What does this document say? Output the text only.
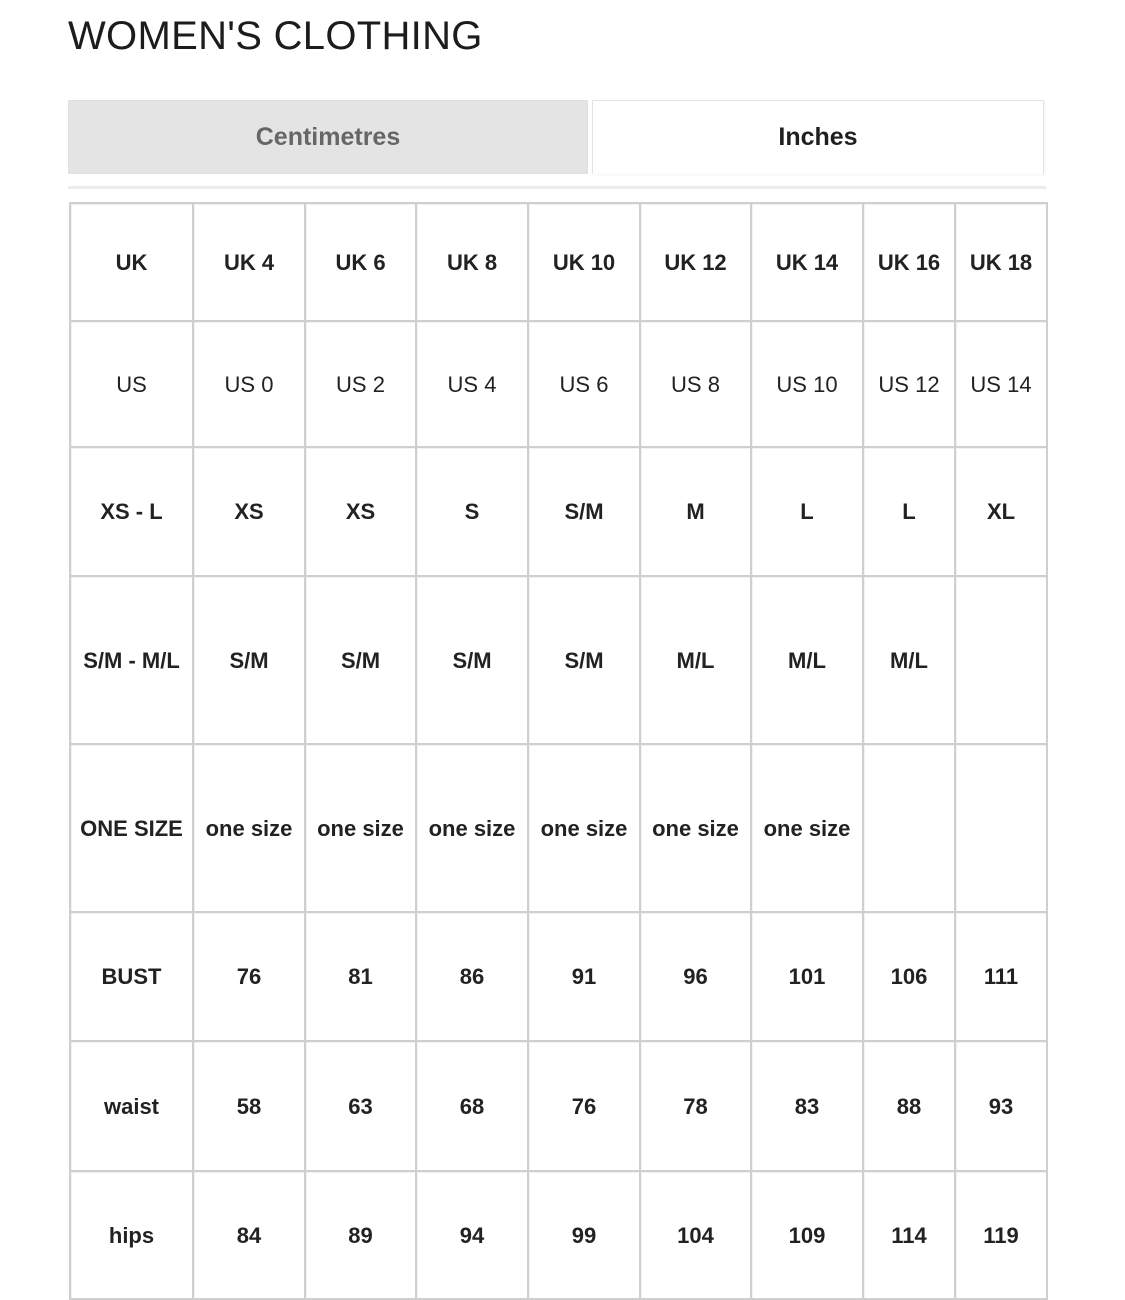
WOMEN'S CLOTHING
Centimetres	Inches
UK	UK 4	UK 6	UK 8	UK 10	UK 12	UK 14	UK 16	UK 18
US	US 0	US 2	US 4	US 6	US 8	US 10	US 12	US 14
XS - L	XS	XS	S	S/M	M	L	L	XL
S/M - M/L	S/M	S/M	S/M	S/M	M/L	M/L	M/L	
ONE SIZE	one size	one size	one size	one size	one size	one size		
BUST	76	81	86	91	96	101	106	111
waist	58	63	68	76	78	83	88	93
hips	84	89	94	99	104	109	114	119
